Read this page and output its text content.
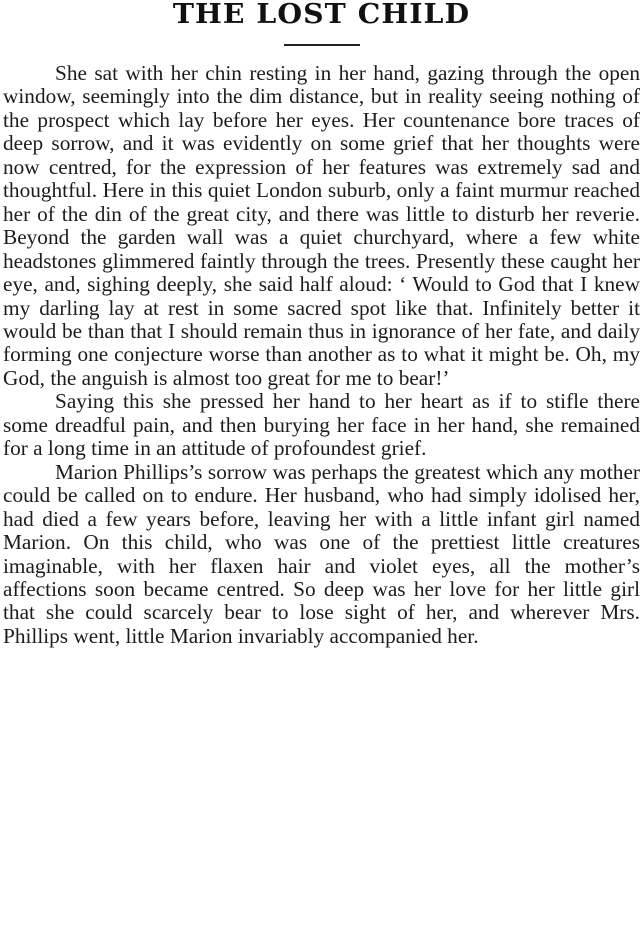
THE LOST CHILD

She sat with her chin resting in her hand, gazing through the open window, seemingly into the dim distance, but in reality seeing nothing of the prospect which lay before her eyes. Her countenance bore traces of deep sorrow, and it was evidently on some grief that her thoughts were now centred, for the expression of her features was extremely sad and thoughtful. Here in this quiet London suburb, only a faint murmur reached her of the din of the great city, and there was little to disturb her reverie. Beyond the garden wall was a quiet churchyard, where a few white headstones glimmered faintly through the trees. Presently these caught her eye, and, sighing deeply, she said half aloud: ‘ Would to God that I knew my darling lay at rest in some sacred spot like that. Infinitely better it would be than that I should remain thus in ignorance of her fate, and daily forming one conjecture worse than another as to what it might be. Oh, my God, the anguish is almost too great for me to bear!’

Saying this she pressed her hand to her heart as if to stifle there some dreadful pain, and then burying her face in her hand, she remained for a long time in an attitude of profoundest grief.

Marion Phillips’s sorrow was perhaps the greatest which any mother could be called on to endure. Her husband, who had simply idolised her, had died a few years before, leaving her with a little infant girl named Marion. On this child, who was one of the prettiest little creatures imaginable, with her flaxen hair and violet eyes, all the mother’s affections soon became centred. So deep was her love for her little girl that she could scarcely bear to lose sight of her, and wherever Mrs. Phillips went, little Marion invariably accompanied her.
